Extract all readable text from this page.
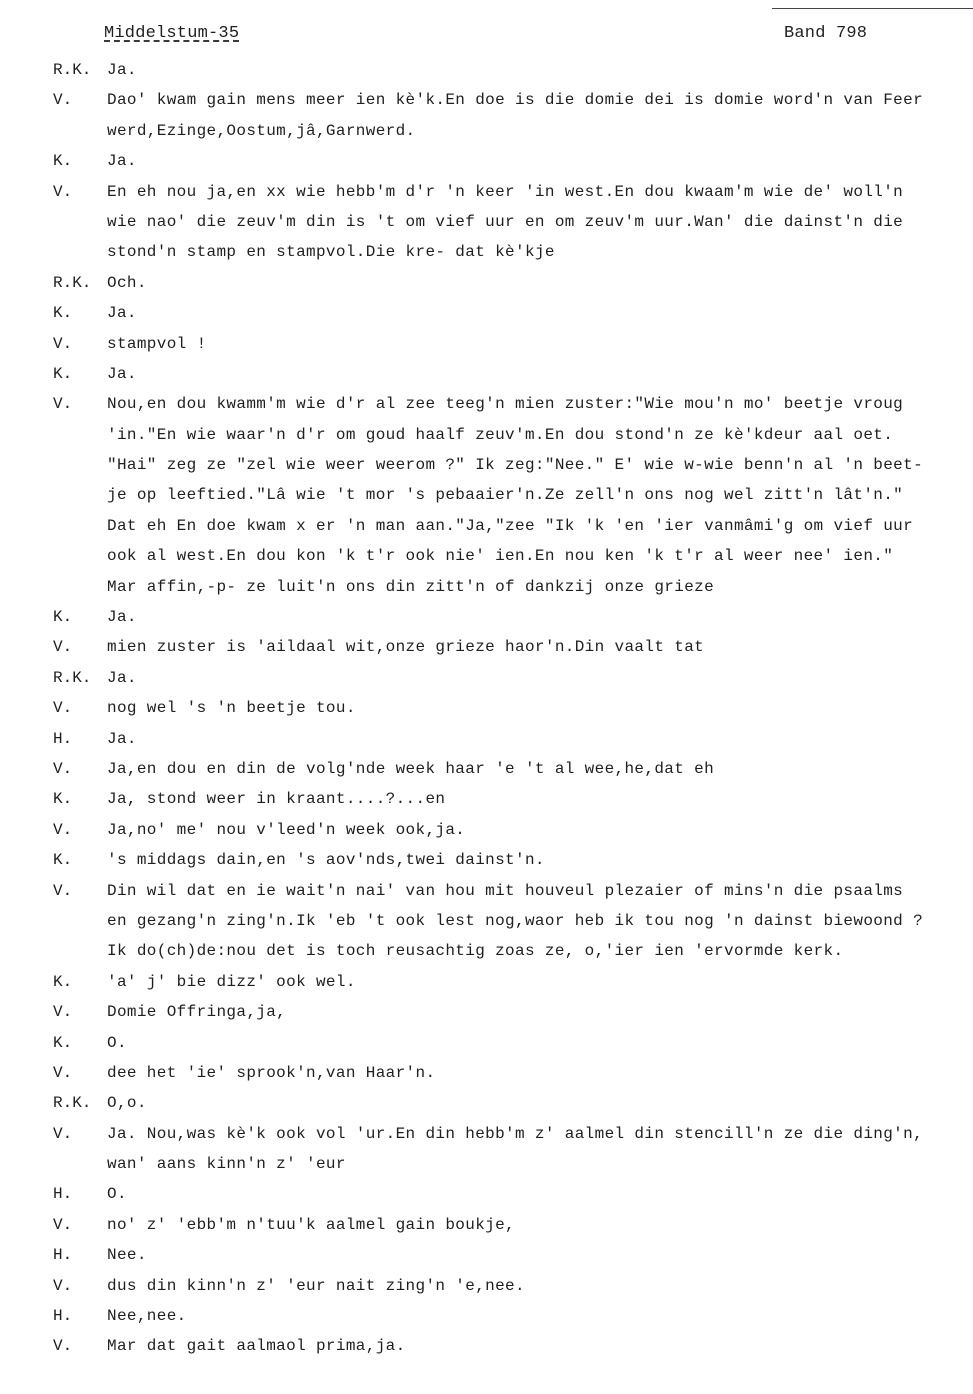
Middelstum-35	Band 798
R.K. Ja.
V. Dao' kwam gain mens meer ien kè'k.En doe is die domie dei is domie word'n van Feer
werd,Ezinge,Oostum,jâ,Garnwerd.
K. Ja.
V. En eh nou ja,en xx wie hebb'm d'r 'n keer 'in west.En dou kwaam'm wie de' woll'n
wie nao' die zeuv'm din is 't om vief uur en om zeuv'm uur.Wan' die dainst'n die
stond'n stamp en stampvol.Die kre- dat kè'kje
R.K. Och.
K. Ja.
V. stampvol !
K. Ja.
V. Nou,en dou kwamm'm wie d'r al zee teeg'n mien zuster:"Wie mou'n mo' beetje vroug
'in."En wie waar'n d'r om goud haalf zeuv'm.En dou stond'n ze kè'kdeur aal oet.
"Hai" zeg ze "zel wie weer weerom ?" Ik zeg:"Nee." E' wie w-wie benn'n al 'n beet-
je op leeftied."Lâ wie 't mor 's pebaaier'n.Ze zell'n ons nog wel zitt'n lât'n."
Dat eh En doe kwam x er 'n man aan."Ja,"zee "Ik 'k 'en 'ier vanmâmi'g om vief uur
ook al west.En dou kon 'k t'r ook nie' ien.En nou ken 'k t'r al weer nee' ien."
Mar affin,-p- ze luit'n ons din zitt'n of dankzij onze grieze
K. Ja.
V. mien zuster is 'aildaal wit,onze grieze haor'n.Din vaalt tat
R.K. Ja.
V. nog wel 's 'n beetje tou.
H. Ja.
V. Ja,en dou en din de volg'nde week haar 'e 't al wee,he,dat eh
K. Ja, stond weer in kraant....?...en
V. Ja,no' me' nou v'leed'n week ook,ja.
K. 's middags dain,en 's aov'nds,twei dainst'n.
V. Din wil dat en ie wait'n nai' van hou mit houveul plezaier of mins'n die psaalms
en gezang'n zing'n.Ik 'eb 't ook lest nog,waor heb ik tou nog 'n dainst biewoond ?
Ik do(ch)de:nou det is toch reusachtig zoas ze, o,'ier ien 'ervormde kerk.
K. 'a' j' bie dizz' ook wel.
V. Domie Offringa,ja,
K. O.
V. dee het 'ie' sprook'n,van Haar'n.
R.K. O,o.
V. Ja. Nou,was kè'k ook vol 'ur.En din hebb'm z' aalmel din stencill'n ze die ding'n,
wan' aans kinn'n z' 'eur
H. O.
V. no' z' 'ebb'm n'tuu'k aalmel gain boukje,
H. Nee.
V. dus din kinn'n z' 'eur nait zing'n 'e,nee.
H. Nee,nee.
V. Mar dat gait aalmaol prima,ja.
